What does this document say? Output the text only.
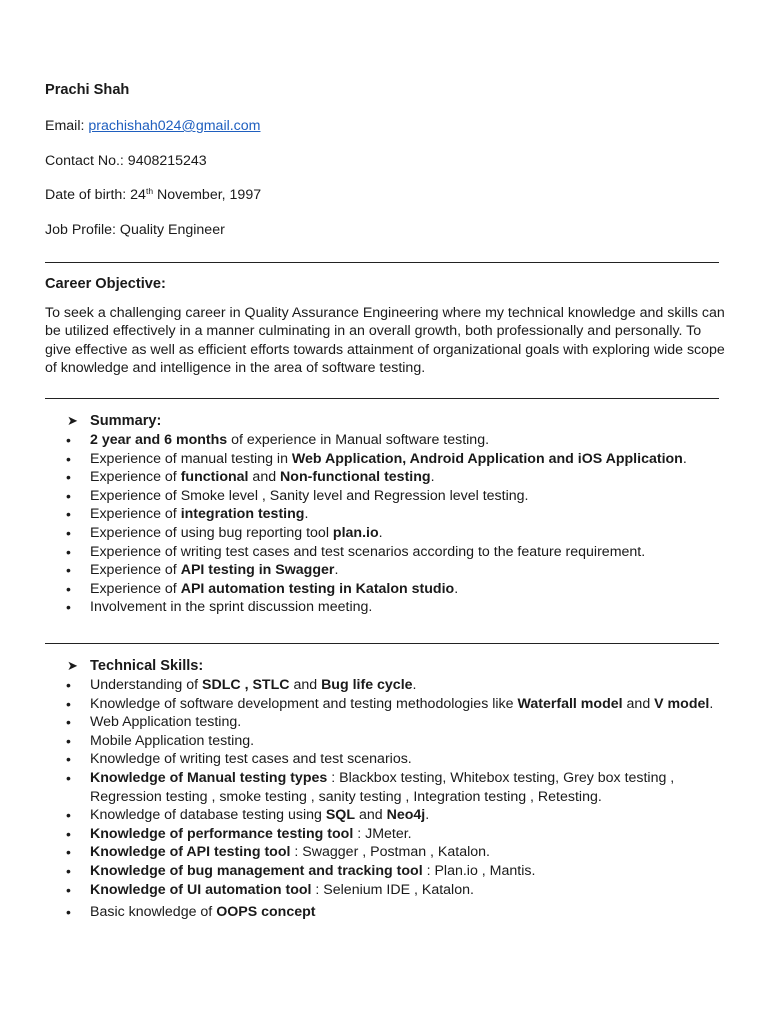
Prachi Shah

Email: prachishah024@gmail.com

Contact No.: 9408215243

Date of birth: 24th November, 1997

Job Profile: Quality Engineer

Career Objective:

To seek a challenging career in Quality Assurance Engineering where my technical knowledge and skills can be utilized effectively in a manner culminating in an overall growth, both professionally and personally. To give effective as well as efficient efforts towards attainment of organizational goals with exploring wide scope of knowledge and intelligence in the area of software testing.

➤ Summary:
• 2 year and 6 months of experience in Manual software testing.
• Experience of manual testing in Web Application, Android Application and iOS Application.
• Experience of functional and Non-functional testing.
• Experience of Smoke level , Sanity level and Regression level testing.
• Experience of integration testing.
• Experience of using bug reporting tool plan.io.
• Experience of writing test cases and test scenarios according to the feature requirement.
• Experience of API testing in Swagger.
• Experience of API automation testing in Katalon studio.
• Involvement in the sprint discussion meeting.
➤ Technical Skills:
• Understanding of SDLC , STLC and Bug life cycle.
• Knowledge of software development and testing methodologies like Waterfall model and V model.
• Web Application testing.
• Mobile Application testing.
• Knowledge of writing test cases and test scenarios.
• Knowledge of Manual testing types : Blackbox testing, Whitebox testing, Grey box testing , Regression testing , smoke testing , sanity testing , Integration testing , Retesting.
• Knowledge of database testing using SQL and Neo4j.
• Knowledge of performance testing tool : JMeter.
• Knowledge of API testing tool : Swagger , Postman , Katalon.
• Knowledge of bug management and tracking tool : Plan.io , Mantis.
• Knowledge of UI automation tool : Selenium IDE , Katalon.
• Basic knowledge of OOPS concept
